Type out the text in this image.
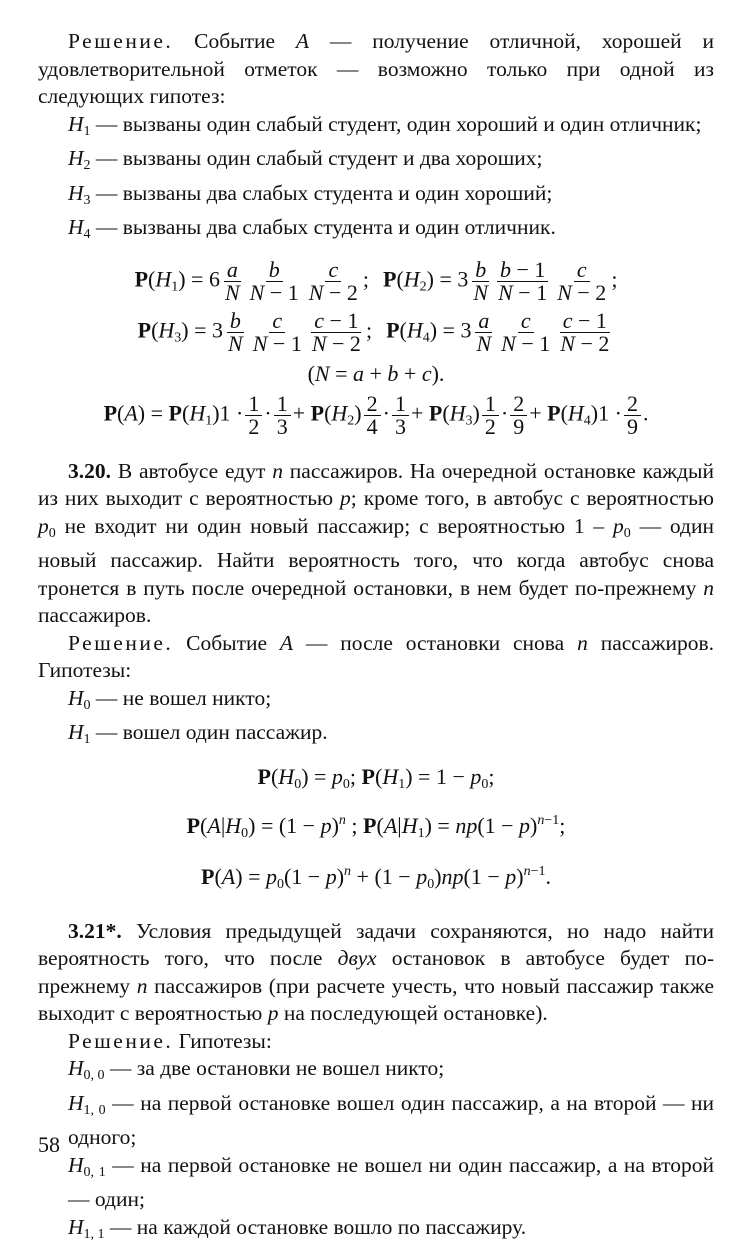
Решение. Событие A — получение отличной, хорошей и удовлетворительной отметок — возможно только при одной из следующих гипотез:

$H_1$ — вызваны один слабый студент, один хороший и один отличник;

$H_2$ — вызваны один слабый студент и два хороших;

$H_3$ — вызваны два слабых студента и один хороший;

$H_4$ — вызваны два слабых студента и один отличник.

$P(H_1) = 6 \frac{a}{N} \frac{b}{N - 1} \frac{c}{N - 2}$ ; $P(H_2) = 3 \frac{b}{N} \frac{b - 1}{N - 1} \frac{c}{N - 2}$ ;
$P(H_3) = 3 \frac{b}{N} \frac{c}{N - 1} \frac{c - 1}{N - 2}$ ; $P(H_4) = 3 \frac{a}{N} \frac{c}{N - 1} \frac{c - 1}{N - 2}$
(N = a + b + c).
$P(A) = P(H_1)1 \cdot \frac{1}{2} \cdot \frac{1}{3} + P(H_2) \frac{2}{4} \cdot \frac{1}{3} + P(H_3) \frac{1}{2} \cdot \frac{2}{9} + P(H_4)1 \cdot \frac{2}{9}$ .

3.20. В автобусе едут n пассажиров. На очередной остановке каждый из них выходит с вероятностью p; кроме того, в автобус с вероятностью $p_0$ не входит ни один новый пассажир; с вероятностью $1 - p_0$ — один новый пассажир. Найти вероятность того, что когда автобус снова тронется в путь после очередной остановки, в нем будет по-прежнему n пассажиров.

Решение. Событие A — после остановки снова n пассажиров. Гипотезы:

$H_0$ — не вошел никто;

$H_1$ — вошел один пассажир.

$P(H_0) = p_0$; $P(H_1) = 1 - p_0$;
$P(A|H_0) = (1 - p)^n$ ; $P(A|H_1) = np(1 - p)^{n-1}$;
$P(A) = p_0(1 - p)^n + (1 - p_0)np(1 - p)^{n-1}$.

3.21*. Условия предыдущей задачи сохраняются, но надо найти вероятность того, что после двух остановок в автобусе будет по-прежнему n пассажиров (при расчете учесть, что новый пассажир также выходит с вероятностью p на последующей остановке).

Решение. Гипотезы:

$H_{0, 0}$ — за две остановки не вошел никто;

$H_{1, 0}$ — на первой остановке вошел один пассажир, а на второй — ни одного;

$H_{0, 1}$ — на первой остановке не вошел ни один пассажир, а на второй — один;

$H_{1, 1}$ — на каждой остановке вошло по пассажиру.

58
